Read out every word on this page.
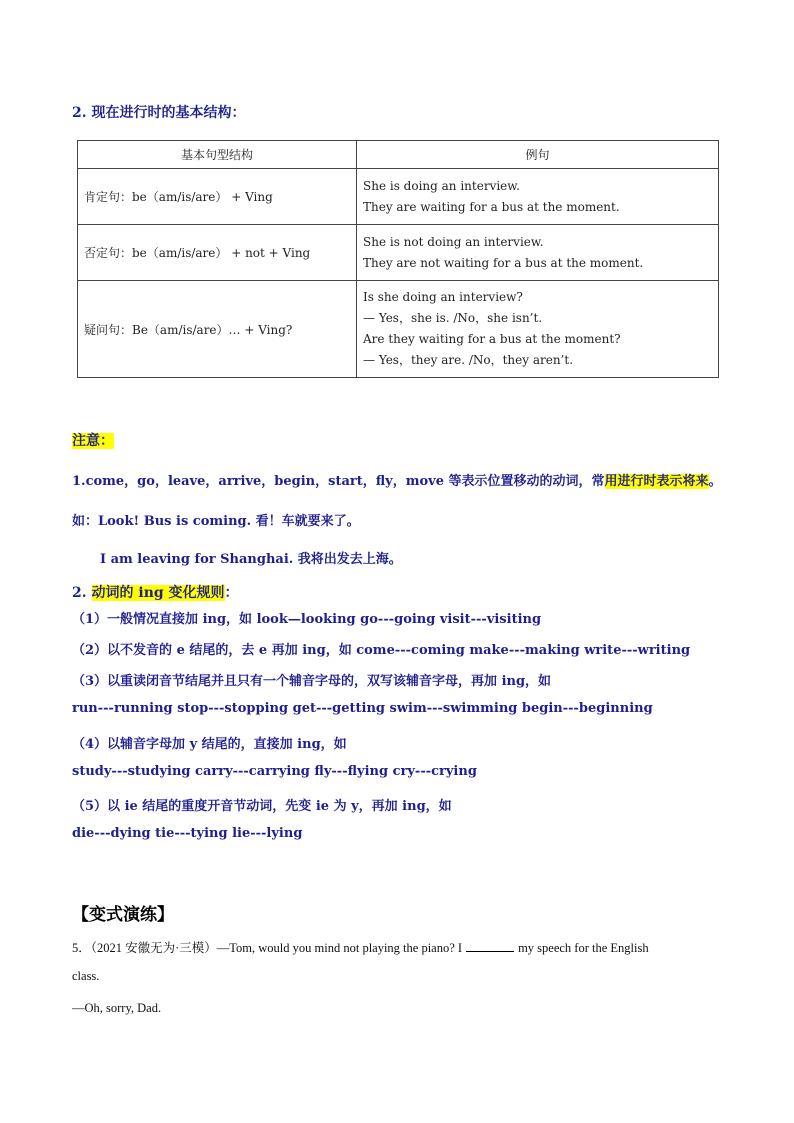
2. 现在进行时的基本结构：
基本句型结构	例句
肯定句：be（am/is/are） + Ving	She is doing an interview.
They are waiting for a bus at the moment.

否定句：be（am/is/are） + not + Ving	She is not doing an interview.
They are not waiting for a bus at the moment.

疑问句：Be（am/is/are）… + Ving?	Is she doing an interview?
— Yes，she is. /No，she isn’t.
Are they waiting for a bus at the moment?
— Yes，they are. /No，they aren’t.
注意：
1.come，go，leave，arrive，begin，start，fly，move 等表示位置移动的动词，常用进行时表示将来。
如：Look! Bus is coming. 看！车就要来了。
I am leaving for Shanghai. 我将出发去上海。
2. 动词的 ing 变化规则：
（1）一般情况直接加 ing，如 look—looking go---going visit---visiting
（2）以不发音的 e 结尾的，去 e 再加 ing，如 come---coming make---making write---writing
（3）以重读闭音节结尾并且只有一个辅音字母的，双写该辅音字母，再加 ing，如
run---running stop---stopping get---getting swim---swimming begin---beginning
（4）以辅音字母加 y 结尾的，直接加 ing，如
study---studying carry---carrying fly---flying cry---crying
（5）以 ie 结尾的重度开音节动词，先变 ie 为 y，再加 ing，如
die---dying tie---tying lie---lying
【变式演练】
5．（2021 安徽无为·三模）—Tom, would you mind not playing the piano? I	my speech for the English
class.
—Oh, sorry, Dad.
